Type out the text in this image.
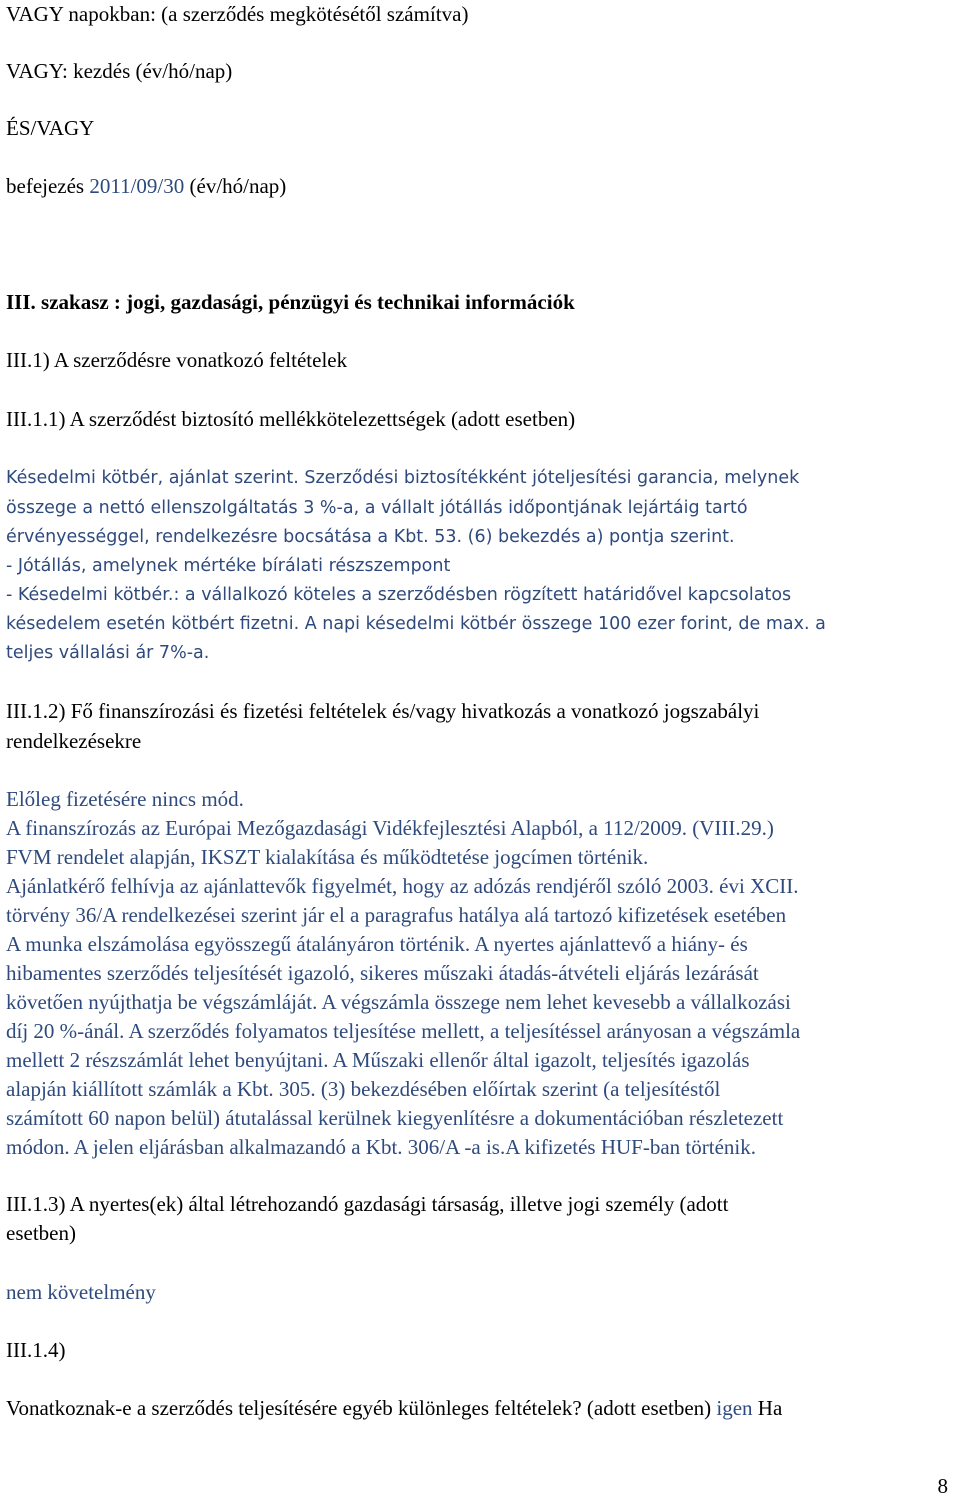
VAGY napokban: (a szerződés megkötésétől számítva)
VAGY: kezdés (év/hó/nap)
ÉS/VAGY
befejezés 2011/09/30 (év/hó/nap)
III. szakasz : jogi, gazdasági, pénzügyi és technikai információk
III.1) A szerződésre vonatkozó feltételek
III.1.1) A szerződést biztosító mellékkötelezettségek (adott esetben)
Késedelmi kötbér, ajánlat szerint. Szerződési biztosítékként jóteljesítési garancia, melynek
összege a nettó ellenszolgáltatás 3 %-a, a vállalt jótállás időpontjának lejártáig tartó
érvényességgel, rendelkezésre bocsátása a Kbt. 53. (6) bekezdés a) pontja szerint.
- Jótállás, amelynek mértéke bírálati részszempont
- Késedelmi kötbér.: a vállalkozó köteles a szerződésben rögzített határidővel kapcsolatos
késedelem esetén kötbért fizetni. A napi késedelmi kötbér összege 100 ezer forint, de max. a
teljes vállalási ár 7%-a.
III.1.2) Fő finanszírozási és fizetési feltételek és/vagy hivatkozás a vonatkozó jogszabályi
rendelkezésekre
Előleg fizetésére nincs mód.
A finanszírozás az Európai Mezőgazdasági Vidékfejlesztési Alapból, a 112/2009. (VIII.29.)
FVM rendelet alapján, IKSZT kialakítása és működtetése jogcímen történik.
Ajánlatkérő felhívja az ajánlattevők figyelmét, hogy az adózás rendjéről szóló 2003. évi XCII.
törvény 36/A rendelkezései szerint jár el a paragrafus hatálya alá tartozó kifizetések esetében
A munka elszámolása egyösszegű átalányáron történik. A nyertes ajánlattevő a hiány- és
hibamentes szerződés teljesítését igazoló, sikeres műszaki átadás-átvételi eljárás lezárását
követően nyújthatja be végszámláját. A végszámla összege nem lehet kevesebb a vállalkozási
díj 20 %-ánál. A szerződés folyamatos teljesítése mellett, a teljesítéssel arányosan a végszámla
mellett 2 részszámlát lehet benyújtani. A Műszaki ellenőr által igazolt, teljesítés igazolás
alapján kiállított számlák a Kbt. 305. (3) bekezdésében előírtak szerint (a teljesítéstől
számított 60 napon belül) átutalással kerülnek kiegyenlítésre a dokumentációban részletezett
módon. A jelen eljárásban alkalmazandó a Kbt. 306/A -a is.A kifizetés HUF-ban történik.
III.1.3) A nyertes(ek) által létrehozandó gazdasági társaság, illetve jogi személy (adott
esetben)
nem követelmény
III.1.4)
Vonatkoznak-e a szerződés teljesítésére egyéb különleges feltételek? (adott esetben) igen Ha
8
